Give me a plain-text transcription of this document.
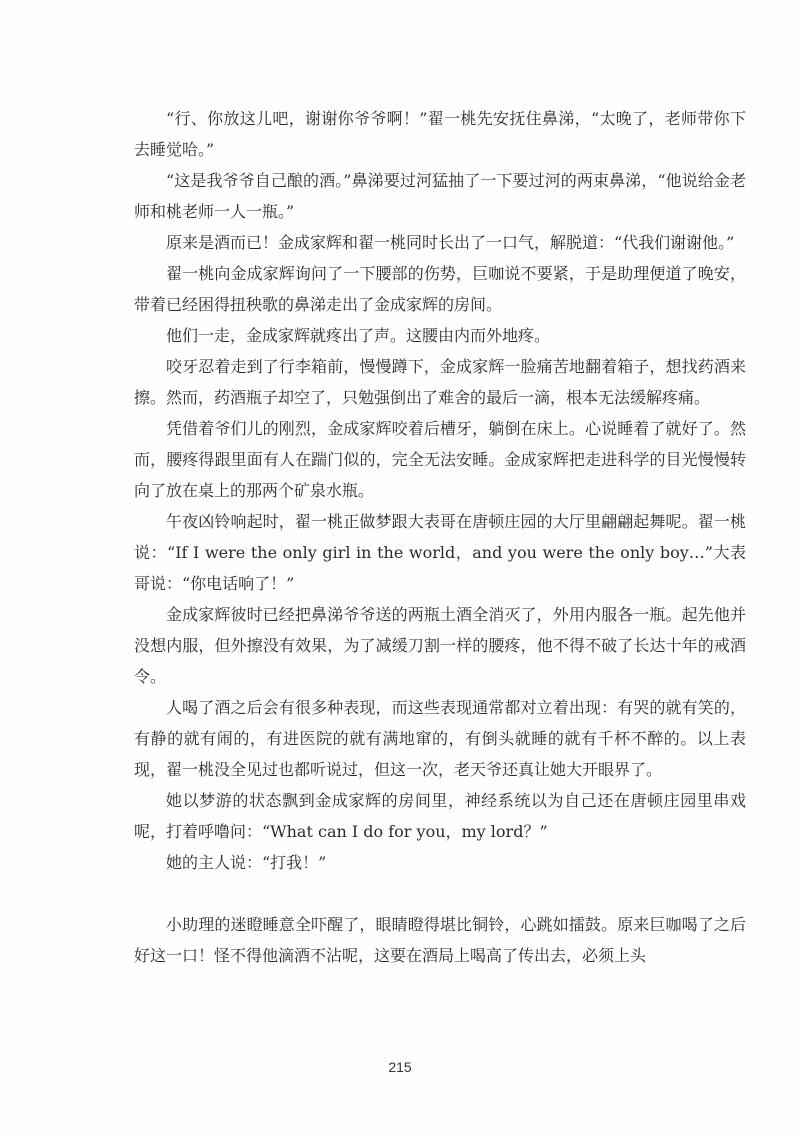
“行、你放这儿吧，谢谢你爷爷啊！”翟一桃先安抚住鼻涕，“太晚了，老师带你下去睡觉哈。”

“这是我爷爷自己酿的酒。”鼻涕要过河猛抽了一下要过河的两束鼻涕，“他说给金老师和桃老师一人一瓶。”

原来是酒而已！金成家辉和翟一桃同时长出了一口气，解脱道：“代我们谢谢他。”

翟一桃向金成家辉询问了一下腰部的伤势，巨咖说不要紧，于是助理便道了晚安，带着已经困得扭秧歌的鼻涕走出了金成家辉的房间。

他们一走，金成家辉就疼出了声。这腰由内而外地疼。

咬牙忍着走到了行李箱前，慢慢蹲下，金成家辉一脸痛苦地翻着箱子，想找药酒来擦。然而，药酒瓶子却空了，只勉强倒出了难舍的最后一滴，根本无法缓解疼痛。

凭借着爷们儿的刚烈，金成家辉咬着后槽牙，躺倒在床上。心说睡着了就好了。然而，腰疼得跟里面有人在踹门似的，完全无法安睡。金成家辉把走进科学的目光慢慢转向了放在桌上的那两个矿泉水瓶。

午夜凶铃响起时，翟一桃正做梦跟大表哥在唐顿庄园的大厅里翩翩起舞呢。翟一桃说：“If I were the only girl in the world，and you were the only boy…”大表哥说：“你电话响了！”

金成家辉彼时已经把鼻涕爷爷送的两瓶土酒全消灭了，外用内服各一瓶。起先他并没想内服，但外擦没有效果，为了减缓刀割一样的腰疼，他不得不破了长达十年的戒酒令。

人喝了酒之后会有很多种表现，而这些表现通常都对立着出现：有哭的就有笑的，有静的就有闹的，有进医院的就有满地窜的，有倒头就睡的就有千杯不醉的。以上表现，翟一桃没全见过也都听说过，但这一次，老天爷还真让她大开眼界了。

她以梦游的状态飘到金成家辉的房间里，神经系统以为自己还在唐顿庄园里串戏呢，打着呼噜问：“What can I do for you，my lord？”

她的主人说：“打我！”

小助理的迷瞪睡意全吓醒了，眼睛瞪得堪比铜铃，心跳如擂鼓。原来巨咖喝了之后好这一口！怪不得他滴酒不沾呢，这要在酒局上喝高了传出去，必须上头

215
